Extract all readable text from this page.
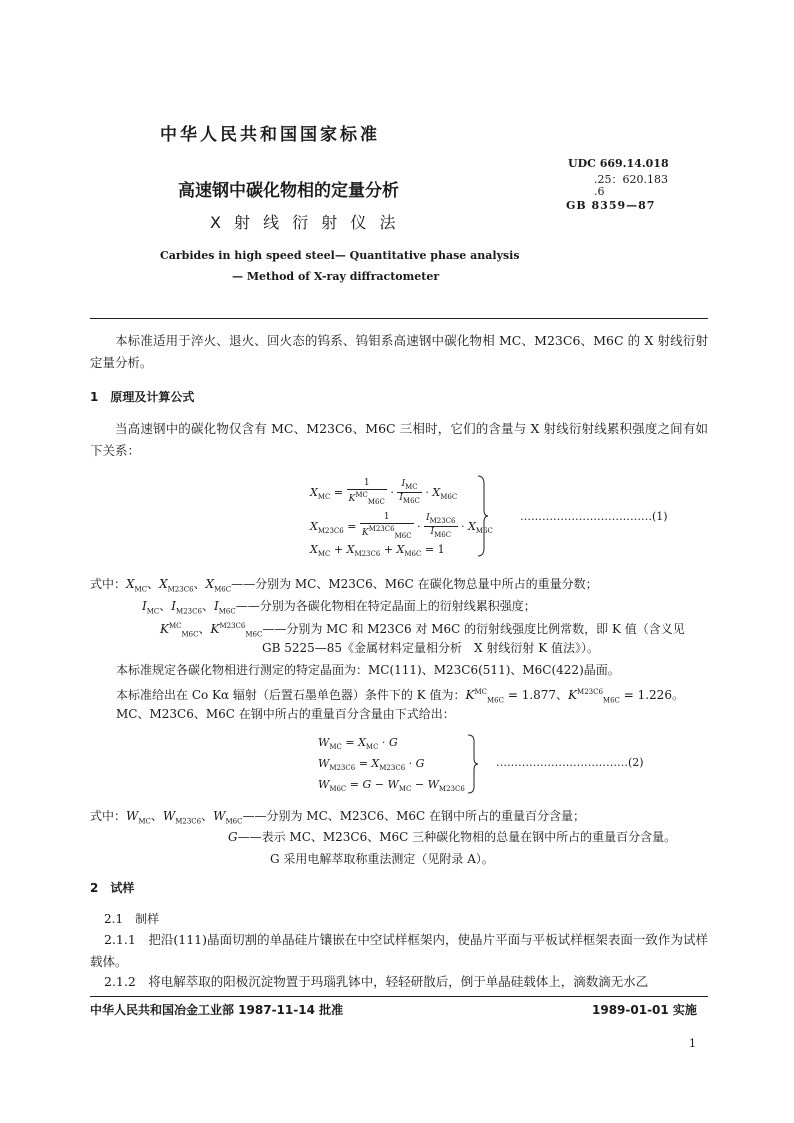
中华人民共和国国家标准
UDC 669.14.018
.25：620.183
.6
GB 8359—87
高速钢中碳化物相的定量分析
X 射 线 衍 射 仪 法
Carbides in high speed steel— Quantitative phase analysis
— Method of X-ray diffractometer
本标准适用于淬火、退火、回火态的钨系、钨钼系高速钢中碳化物相 MC、M23C6、M6C 的 X 射线衍射定量分析。
1　原理及计算公式
当高速钢中的碳化物仅含有 MC、M23C6、M6C 三相时，它们的含量与 X 射线衍射线累积强度之间有如下关系：
$X_{MC} = \frac{1}{K^{MC}_{M6C}} \cdot \frac{I_{MC}}{I_{M6C}} \cdot X_{M6C}$
$X_{M23C6} = \frac{1}{K^{M23C6}_{M6C}} \cdot \frac{I_{M23C6}}{I_{M6C}} \cdot X_{M6C}$
$X_{MC} + X_{M23C6} + X_{M6C} = 1$
………………………………(1)
式中： $X_{MC}$、$X_{M23C6}$、$X_{M6C}——$分别为 MC、M23C6、M6C 在碳化物总量中所占的重量分数；
$I_{MC}$、$I_{M23C6}$、$I_{M6C}——$分别为各碳化物相在特定晶面上的衍射线累积强度；
$K^{MC}_{M6C}$、$K^{M23C6}_{M6C}——$分别为 MC 和 M23C6 对 M6C 的衍射线强度比例常数，即 K 值（含义见
GB 5225—85《金属材料定量相分析　X 射线衍射 K 值法》）。
本标准规定各碳化物相进行测定的特定晶面为：MC(111)、M23C6(511)、M6C(422)晶面。
本标准给出在 Co Kα 辐射（后置石墨单色器）条件下的 K 值为：$K^{MC}_{M6C} = 1.877$、$K^{M23C6}_{M6C} = 1.226$。
MC、M23C6、M6C 在钢中所占的重量百分含量由下式给出：
$W_{MC} = X_{MC} \cdot G$
$W_{M23C6} = X_{M23C6} \cdot G$
$W_{M6C} = G - W_{MC} - W_{M23C6}$
………………………………(2)
式中： $W_{MC}$、$W_{M23C6}$、$W_{M6C}——$分别为 MC、M23C6、M6C 在钢中所占的重量百分含量；
G——表示 MC、M23C6、M6C 三种碳化物相的总量在钢中所占的重量百分含量。
G 采用电解萃取称重法测定（见附录 A）。
2　试样
2.1　制样
2.1.1　把沿(111)晶面切割的单晶硅片镶嵌在中空试样框架内，使晶片平面与平板试样框架表面一致作为试样载体。
2.1.2　将电解萃取的阳极沉淀物置于玛瑙乳钵中，轻轻研散后，倒于单晶硅载体上，滴数滴无水乙
中华人民共和国冶金工业部 1987-11-14 批准	1989-01-01 实施
1
